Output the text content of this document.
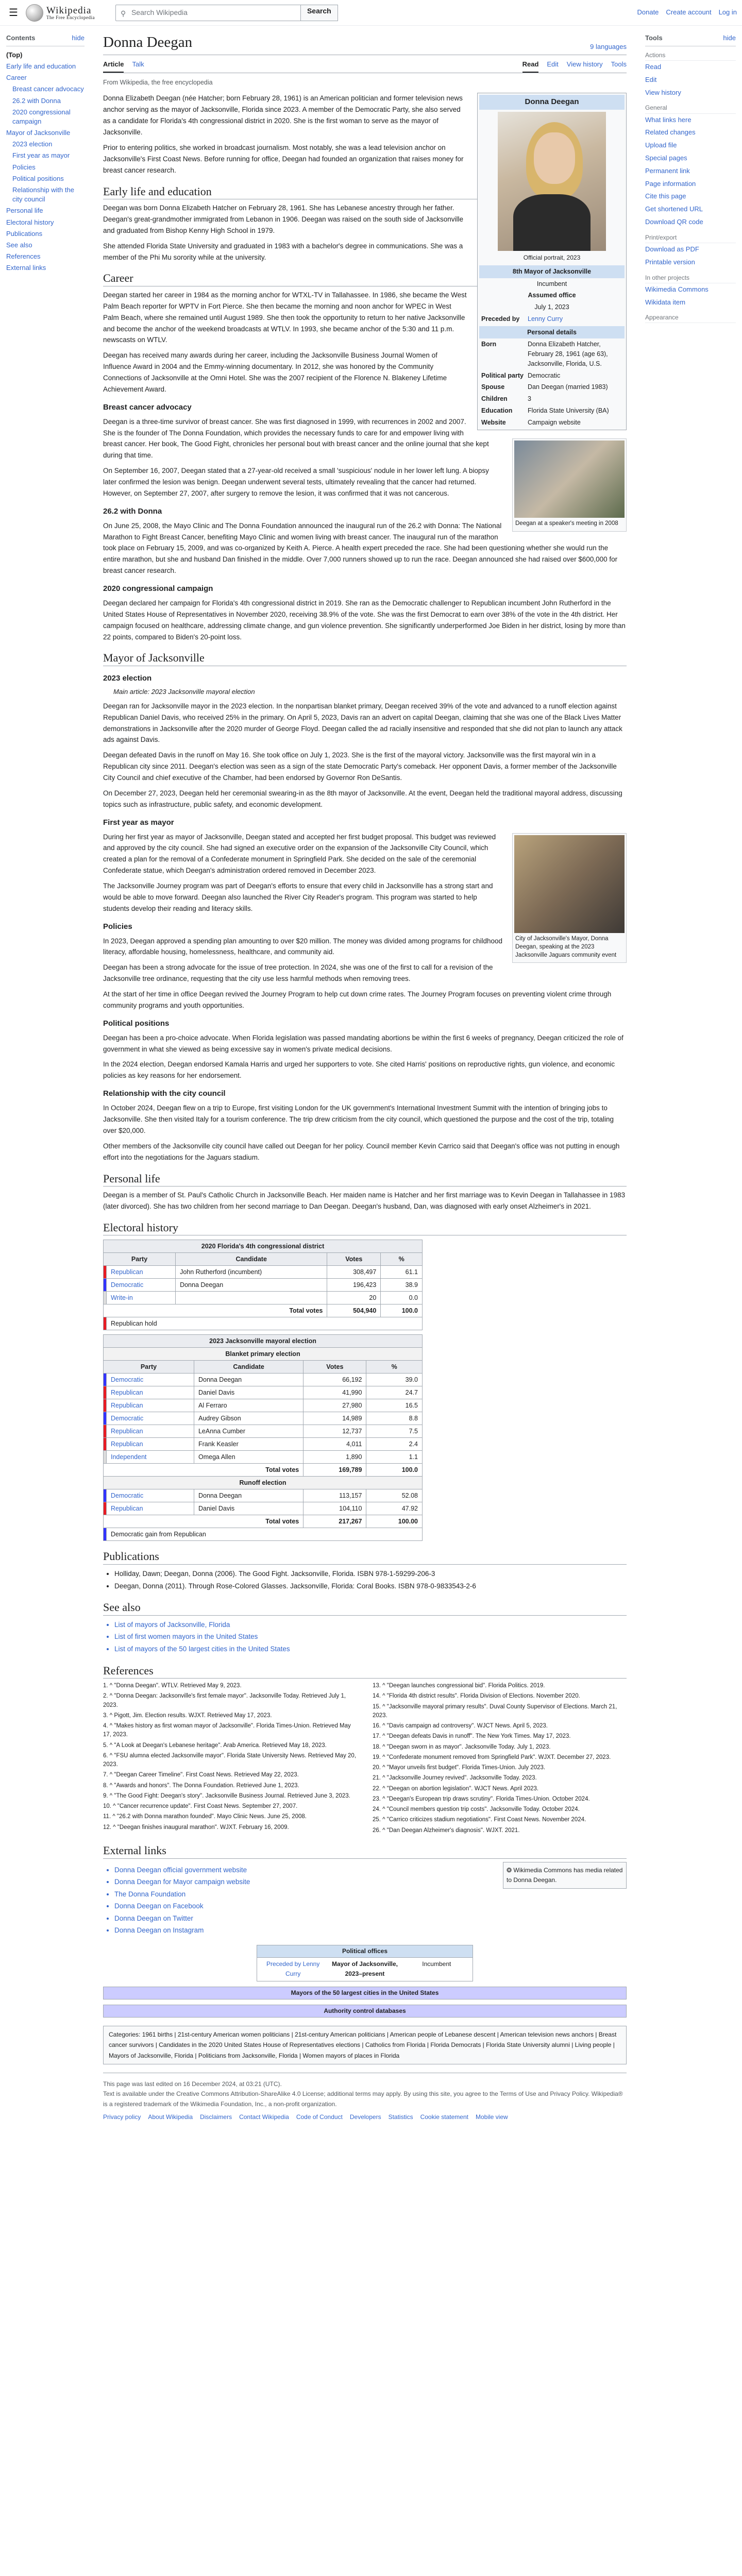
☰	Wikipedia
The Free Encyclopedia	⚲ Search Wikipedia	Search	Donate Create account Log in
Contents	hide
(Top)
Early life and education
Career
Breast cancer advocacy
26.2 with Donna
2020 congressional campaign
Mayor of Jacksonville
2023 election
First year as mayor
Policies
Political positions
Relationship with the city council
Personal life
Electoral history
Publications
See also
References
External links
Donna Deegan	9 languages
Article Talk	Read Edit View history Tools
From Wikipedia, the free encyclopedia
Donna Deegan
Official portrait, 2023
8th Mayor of Jacksonville
Incumbent
Assumed office
July 1, 2023
Preceded by	Lenny Curry
Personal details
Born	Donna Elizabeth Hatcher, February 28, 1961 (age 63), Jacksonville, Florida, U.S.
Political party Democratic
Spouse	Dan Deegan (married 1983)
Children	3
Education	Florida State University (BA)
Website	Campaign website

Donna Elizabeth Deegan (née Hatcher; born February 28, 1961) is an American politician and former television news anchor serving as the mayor of Jacksonville, Florida since 2023. A member of the Democratic Party, she also served as a candidate for Florida's 4th congressional district in 2020. She is the first woman to serve as the mayor of Jacksonville.

Prior to entering politics, she worked in broadcast journalism. Most notably, she was a lead television anchor on Jacksonville's First Coast News. Before running for office, Deegan had founded an organization that raises money for breast cancer research.

Early life and education

Deegan was born Donna Elizabeth Hatcher on February 28, 1961. She has Lebanese ancestry through her father. Deegan's great-grandmother immigrated from Lebanon in 1906. Deegan was raised on the south side of Jacksonville and graduated from Bishop Kenny High School in 1979.

She attended Florida State University and graduated in 1983 with a bachelor's degree in communications. She was a member of the Phi Mu sorority while at the university.

Career

Deegan started her career in 1984 as the morning anchor for WTXL-TV in Tallahassee. In 1986, she became the West Palm Beach reporter for WPTV in Fort Pierce. She then became the morning and noon anchor for WPEC in West Palm Beach, where she remained until August 1989. She then took the opportunity to return to her native Jacksonville and become the anchor of the weekend broadcasts at WTLV. In 1993, she became anchor of the 5:30 and 11 p.m. newscasts on WTLV.

Deegan has received many awards during her career, including the Jacksonville Business Journal Women of Influence Award in 2004 and the Emmy-winning documentary. In 2012, she was honored by the Community Connections of Jacksonville at the Omni Hotel. She was the 2007 recipient of the Florence N. Blakeney Lifetime Achievement Award.

Breast cancer advocacy
Deegan at a speaker's meeting in 2008

Deegan is a three-time survivor of breast cancer. She was first diagnosed in 1999, with recurrences in 2002 and 2007. She is the founder of The Donna Foundation, which provides the necessary funds to care for and empower living with breast cancer. Her book, The Good Fight, chronicles her personal bout with breast cancer and the online journal that she kept during that time.

On September 16, 2007, Deegan stated that a 27-year-old received a small 'suspicious' nodule in her lower left lung. A biopsy later confirmed the lesion was benign. Deegan underwent several tests, ultimately revealing that the cancer had returned. However, on September 27, 2007, after surgery to remove the lesion, it was confirmed that it was not cancerous.

26.2 with Donna

On June 25, 2008, the Mayo Clinic and The Donna Foundation announced the inaugural run of the 26.2 with Donna: The National Marathon to Fight Breast Cancer, benefiting Mayo Clinic and women living with breast cancer. The inaugural run of the marathon took place on February 15, 2009, and was co-organized by Keith A. Pierce. A health expert preceded the race. She had been questioning whether she would run the entire marathon, but she and husband Dan finished in the middle. Over 7,000 runners showed up to run the race. Deegan announced she had raised over $600,000 for breast cancer research.

2020 congressional campaign

Deegan declared her campaign for Florida's 4th congressional district in 2019. She ran as the Democratic challenger to Republican incumbent John Rutherford in the United States House of Representatives in November 2020, receiving 38.9% of the vote. She was the first Democrat to earn over 38% of the vote in the 4th district. Her campaign focused on healthcare, addressing climate change, and gun violence prevention. She significantly underperformed Joe Biden in her district, losing by more than 22 points, compared to Biden's 20-point loss.

Mayor of Jacksonville
2023 election
Main article: 2023 Jacksonville mayoral election

Deegan ran for Jacksonville mayor in the 2023 election. In the nonpartisan blanket primary, Deegan received 39% of the vote and advanced to a runoff election against Republican Daniel Davis, who received 25% in the primary. On April 5, 2023, Davis ran an advert on capital Deegan, claiming that she was one of the Black Lives Matter demonstrations in Jacksonville after the 2020 murder of George Floyd. Deegan called the ad racially insensitive and responded that she did not plan to launch any attack ads against Davis.

Deegan defeated Davis in the runoff on May 16. She took office on July 1, 2023. She is the first of the mayoral victory. Jacksonville was the first mayoral win in a Republican city since 2011. Deegan's election was seen as a sign of the state Democratic Party's comeback. Her opponent Davis, a former member of the Jacksonville City Council and chief executive of the Chamber, had been endorsed by Governor Ron DeSantis.

On December 27, 2023, Deegan held her ceremonial swearing-in as the 8th mayor of Jacksonville. At the event, Deegan held the traditional mayoral address, discussing topics such as infrastructure, public safety, and economic development.

First year as mayor
City of Jacksonville's Mayor, Donna Deegan, speaking at the 2023 Jacksonville Jaguars community event

During her first year as mayor of Jacksonville, Deegan stated and accepted her first budget proposal. This budget was reviewed and approved by the city council. She had signed an executive order on the expansion of the Jacksonville City Council, which created a plan for the removal of a Confederate monument in Springfield Park. She decided on the sale of the ceremonial Confederate statue, which Deegan's administration ordered removed in December 2023.

The Jacksonville Journey program was part of Deegan's efforts to ensure that every child in Jacksonville has a strong start and would be able to move forward. Deegan also launched the River City Reader's program. This program was started to help students develop their reading and literacy skills.

Policies

In 2023, Deegan approved a spending plan amounting to over $20 million. The money was divided among programs for childhood literacy, affordable housing, homelessness, healthcare, and community aid.

Deegan has been a strong advocate for the issue of tree protection. In 2024, she was one of the first to call for a revision of the Jacksonville tree ordinance, requesting that the city use less harmful methods when removing trees.

At the start of her time in office Deegan revived the Journey Program to help cut down crime rates. The Journey Program focuses on preventing violent crime through community programs and youth opportunities.

Political positions

Deegan has been a pro-choice advocate. When Florida legislation was passed mandating abortions be within the first 6 weeks of pregnancy, Deegan criticized the role of government in what she viewed as being excessive say in women's private medical decisions.

In the 2024 election, Deegan endorsed Kamala Harris and urged her supporters to vote. She cited Harris' positions on reproductive rights, gun violence, and economic policies as key reasons for her endorsement.

Relationship with the city council

In October 2024, Deegan flew on a trip to Europe, first visiting London for the UK government's International Investment Summit with the intention of bringing jobs to Jacksonville. She then visited Italy for a tourism conference. The trip drew criticism from the city council, which questioned the purpose and the cost of the trip, totaling over $20,000.

Other members of the Jacksonville city council have called out Deegan for her policy. Council member Kevin Carrico said that Deegan's office was not putting in enough effort into the negotiations for the Jaguars stadium.

Personal life

Deegan is a member of St. Paul's Catholic Church in Jacksonville Beach. Her maiden name is Hatcher and her first marriage was to Kevin Deegan in Tallahassee in 1983 (later divorced). She has two children from her second marriage to Dan Deegan. Deegan's husband, Dan, was diagnosed with early onset Alzheimer's in 2021.

Electoral history
2020 Florida's 4th congressional district				
Party		Candidate	Votes	%
	Republican	John Rutherford (incumbent)	308,497	61.1
	Democratic	Donna Deegan	196,423	38.9
	Write-in		20	0.0
Total votes			504,940	100.0
	Republican hold			
2023 Jacksonville mayoral election				
Blanket primary election				
Party		Candidate	Votes	%
	Democratic	Donna Deegan	66,192	39.0
	Republican	Daniel Davis	41,990	24.7
	Republican	Al Ferraro	27,980	16.5
	Democratic	Audrey Gibson	14,989	8.8
	Republican	LeAnna Cumber	12,737	7.5
	Republican	Frank Keasler	4,011	2.4
	Independent	Omega Allen	1,890	1.1
Total votes			169,789	100.0
Runoff election				
	Democratic	Donna Deegan	113,157	52.08
	Republican	Daniel Davis	104,110	47.92
Total votes			217,267	100.00
	Democratic gain from Republican			
Publications
• Holliday, Dawn; Deegan, Donna (2006). The Good Fight. Jacksonville, Florida. ISBN 978-1-59299-206-3
• Deegan, Donna (2011). Through Rose-Colored Glasses. Jacksonville, Florida: Coral Books. ISBN 978-0-9833543-2-6
See also
• List of mayors of Jacksonville, Florida
• List of first women mayors in the United States
• List of mayors of the 50 largest cities in the United States
References
1. ^ "Donna Deegan". WTLV. Retrieved May 9, 2023.
2. ^ "Donna Deegan: Jacksonville's first female mayor". Jacksonville Today. Retrieved July 1, 2023.
3. ^ Pigott, Jim. Election results. WJXT. Retrieved May 17, 2023.
4. ^ "Makes history as first woman mayor of Jacksonville". Florida Times-Union. Retrieved May 17, 2023.
5. ^ "A Look at Deegan's Lebanese heritage". Arab America. Retrieved May 18, 2023.
6. ^ "FSU alumna elected Jacksonville mayor". Florida State University News. Retrieved May 20, 2023.
7. ^ "Deegan Career Timeline". First Coast News. Retrieved May 22, 2023.
8. ^ "Awards and honors". The Donna Foundation. Retrieved June 1, 2023.
9. ^ "The Good Fight: Deegan's story". Jacksonville Business Journal. Retrieved June 3, 2023.
10. ^ "Cancer recurrence update". First Coast News. September 27, 2007.
11. ^ "26.2 with Donna marathon founded". Mayo Clinic News. June 25, 2008.
12. ^ "Deegan finishes inaugural marathon". WJXT. February 16, 2009.
13. ^ "Deegan launches congressional bid". Florida Politics. 2019.
14. ^ "Florida 4th district results". Florida Division of Elections. November 2020.
15. ^ "Jacksonville mayoral primary results". Duval County Supervisor of Elections. March 21, 2023.
16. ^ "Davis campaign ad controversy". WJCT News. April 5, 2023.
17. ^ "Deegan defeats Davis in runoff". The New York Times. May 17, 2023.
18. ^ "Deegan sworn in as mayor". Jacksonville Today. July 1, 2023.
19. ^ "Confederate monument removed from Springfield Park". WJXT. December 27, 2023.
20. ^ "Mayor unveils first budget". Florida Times-Union. July 2023.
21. ^ "Jacksonville Journey revived". Jacksonville Today. 2023.
22. ^ "Deegan on abortion legislation". WJCT News. April 2023.
23. ^ "Deegan's European trip draws scrutiny". Florida Times-Union. October 2024.
24. ^ "Council members question trip costs". Jacksonville Today. October 2024.
25. ^ "Carrico criticizes stadium negotiations". First Coast News. November 2024.
26. ^ "Dan Deegan Alzheimer's diagnosis". WJXT. 2021.
External links
• Donna Deegan official government website
• Donna Deegan for Mayor campaign website
• The Donna Foundation
• Donna Deegan on Facebook
• Donna Deegan on Twitter
• Donna Deegan on Instagram
❂ Wikimedia Commons has media related to Donna Deegan.
Political offices
Preceded by Lenny Curry
Mayor of Jacksonville, 2023–present
Incumbent
Mayors of the 50 largest cities in the United States
Authority control databases
Categories: 1961 births | 21st-century American women politicians | 21st-century American politicians | American people of Lebanese descent | American television news anchors | Breast cancer survivors | Candidates in the 2020 United States House of Representatives elections | Catholics from Florida | Florida Democrats | Florida State University alumni | Living people | Mayors of Jacksonville, Florida | Politicians from Jacksonville, Florida | Women mayors of places in Florida
This page was last edited on 16 December 2024, at 03:21 (UTC).
Text is available under the Creative Commons Attribution-ShareAlike 4.0 License; additional terms may apply. By using this site, you agree to the Terms of Use and Privacy Policy. Wikipedia® is a registered trademark of the Wikimedia Foundation, Inc., a non-profit organization.
Privacy policy About Wikipedia Disclaimers Contact Wikipedia Code of Conduct Developers Statistics Cookie statement Mobile view
Tools	hide
Actions
Read
Edit
View history
General
What links here
Related changes
Upload file
Special pages
Permanent link
Page information
Cite this page
Get shortened URL
Download QR code
Print/export
Download as PDF
Printable version
In other projects
Wikimedia Commons
Wikidata item
Appearance
